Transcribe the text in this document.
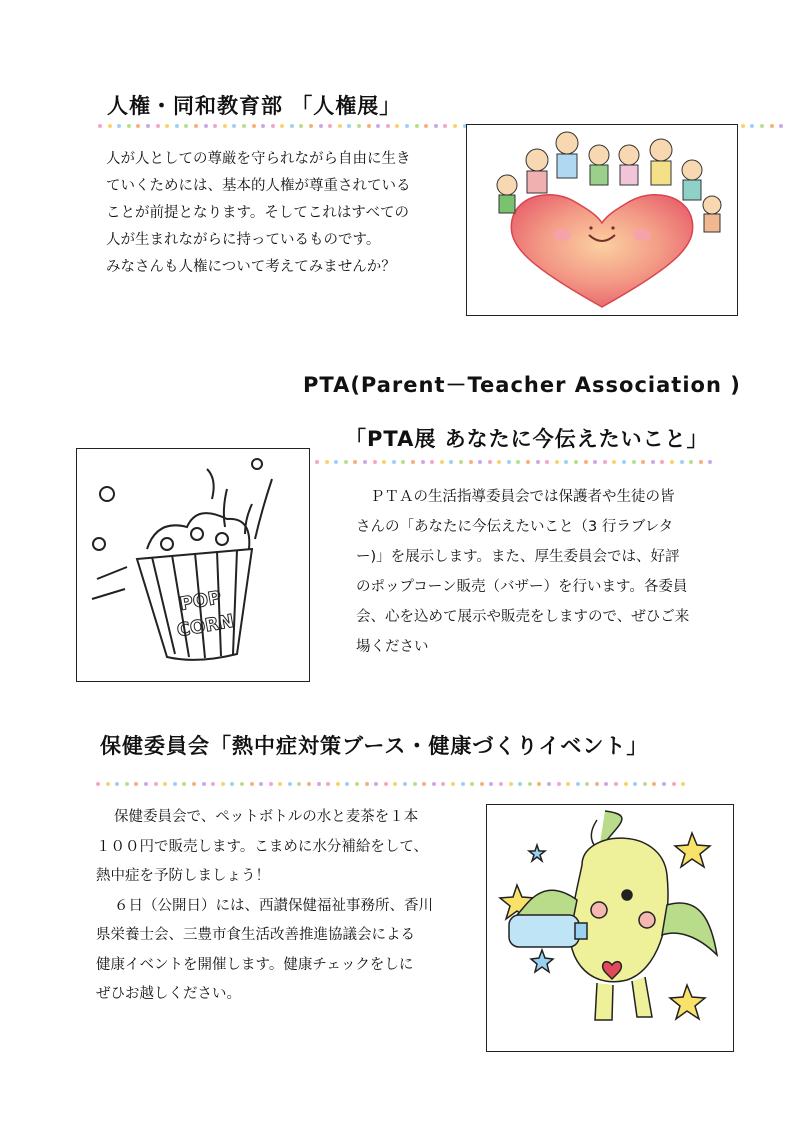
人権・同和教育部 「人権展」

人が人としての尊厳を守られながら自由に生き

ていくためには、基本的人権が尊重されている

ことが前提となります。そしてこれはすべての

人が生まれながらに持っているものです。

みなさんも人権について考えてみませんか？

PTA(Parent－Teacher Association )
「PTA展 あなたに今伝えたいこと」
POP
CORN

ＰＴＡの生活指導委員会では保護者や生徒の皆

さんの「あなたに今伝えたいこと（3 行ラブレタ

ー)」を展示します。また、厚生委員会では、好評

のポップコーン販売（バザー）を行います。各委員

会、心を込めて展示や販売をしますので、ぜひご来

場ください

保健委員会「熱中症対策ブース・健康づくりイベント」

保健委員会で、ペットボトルの水と麦茶を１本

１００円で販売します。こまめに水分補給をして、

熱中症を予防しましょう！

６日（公開日）には、西讃保健福祉事務所、香川

県栄養士会、三豊市食生活改善推進協議会による

健康イベントを開催します。健康チェックをしに

ぜひお越しください。
